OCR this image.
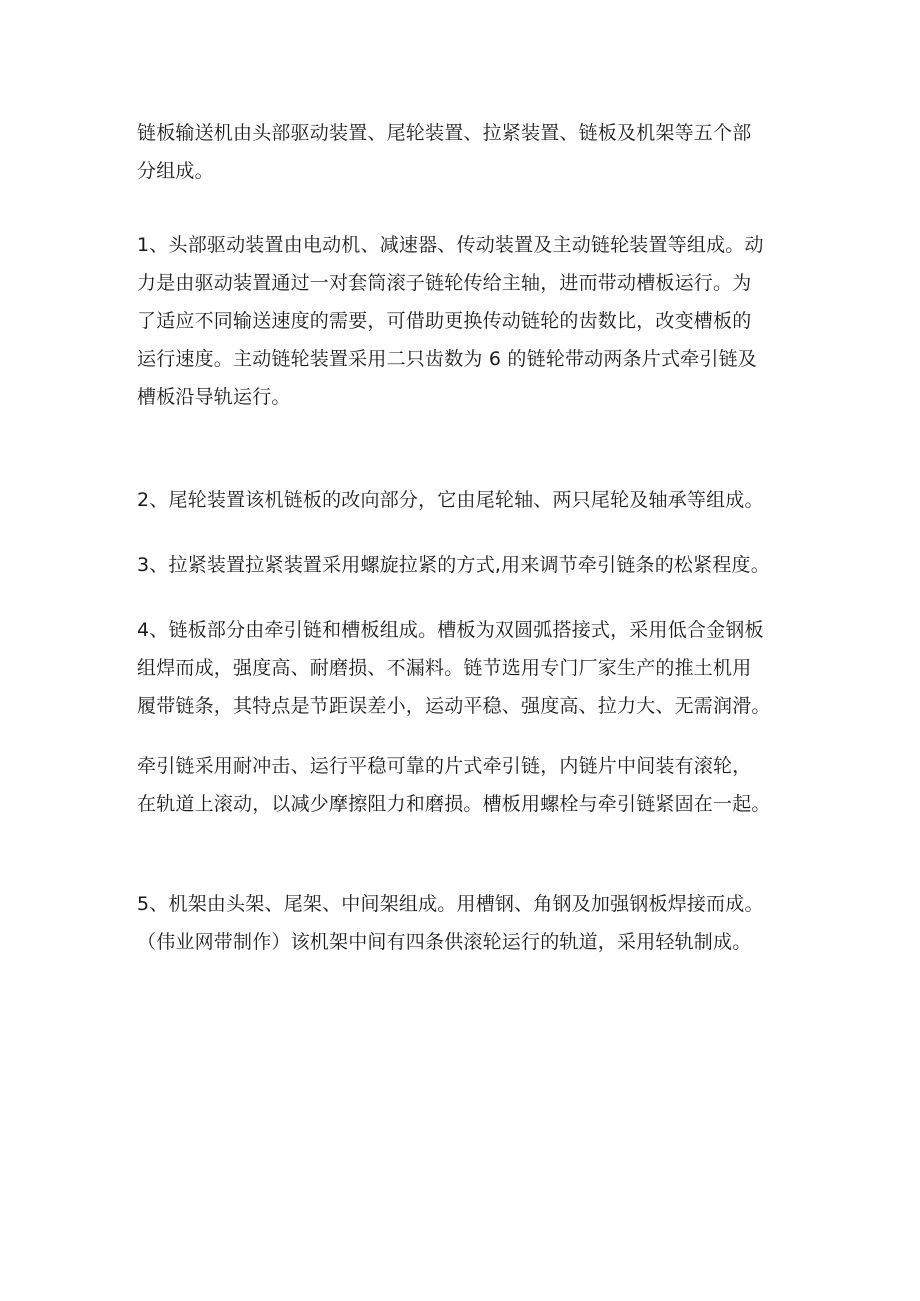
链板输送机由头部驱动装置、尾轮装置、拉紧装置、链板及机架等五个部
分组成。
1、头部驱动装置由电动机、减速器、传动装置及主动链轮装置等组成。动
力是由驱动装置通过一对套筒滚子链轮传给主轴，进而带动槽板运行。为
了适应不同输送速度的需要，可借助更换传动链轮的齿数比，改变槽板的
运行速度。主动链轮装置采用二只齿数为 6 的链轮带动两条片式牵引链及
槽板沿导轨运行。
2、尾轮装置该机链板的改向部分，它由尾轮轴、两只尾轮及轴承等组成。
3、拉紧装置拉紧装置采用螺旋拉紧的方式,用来调节牵引链条的松紧程度。
4、链板部分由牵引链和槽板组成。槽板为双圆弧搭接式，采用低合金钢板
组焊而成，强度高、耐磨损、不漏料。链节选用专门厂家生产的推土机用
履带链条，其特点是节距误差小，运动平稳、强度高、拉力大、无需润滑。
牵引链采用耐冲击、运行平稳可靠的片式牵引链，内链片中间装有滚轮，
在轨道上滚动，以减少摩擦阻力和磨损。槽板用螺栓与牵引链紧固在一起。
5、机架由头架、尾架、中间架组成。用槽钢、角钢及加强钢板焊接而成。
（伟业网带制作）该机架中间有四条供滚轮运行的轨道，采用轻轨制成。
